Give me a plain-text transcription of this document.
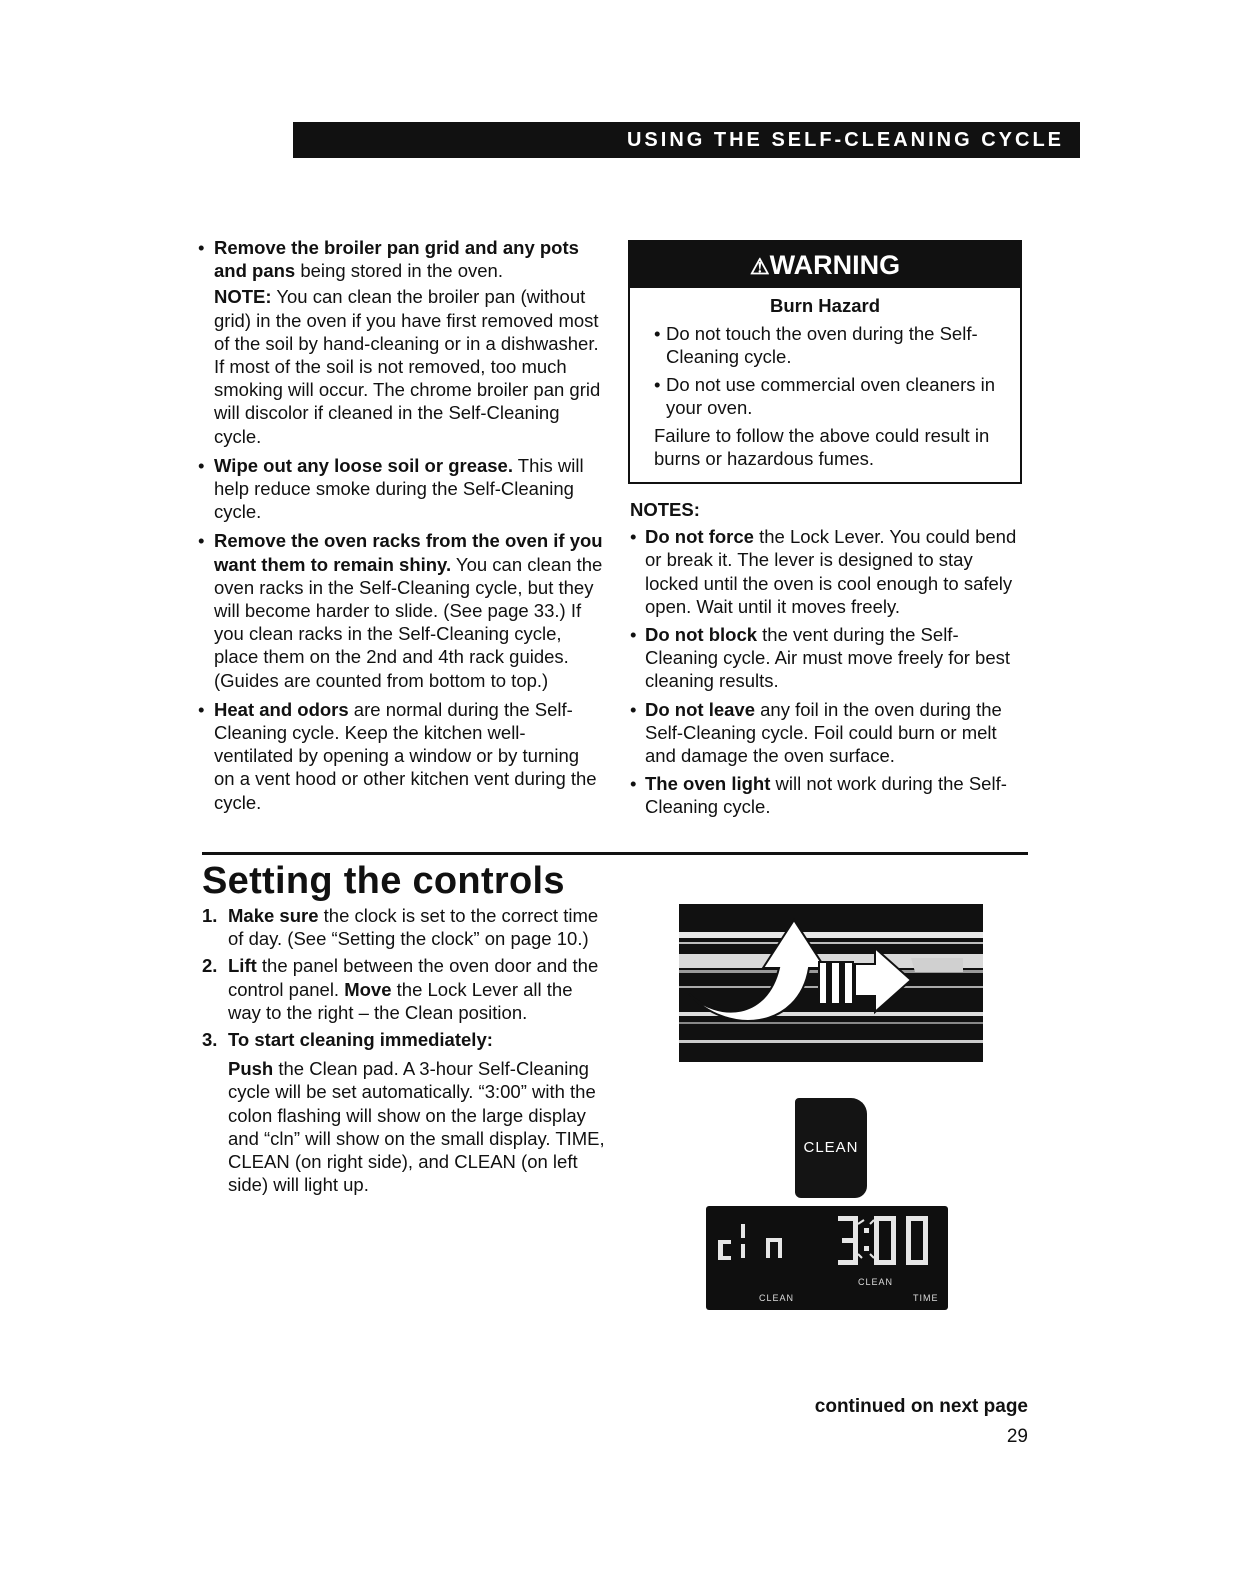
USING THE SELF-CLEANING CYCLE

• Remove the broiler pan grid and any pots and pans being stored in the oven.

NOTE: You can clean the broiler pan (without grid) in the oven if you have first removed most of the soil by hand-cleaning or in a dishwasher. If most of the soil is not removed, too much smoking will occur. The chrome broiler pan grid will discolor if cleaned in the Self-Cleaning cycle.

• Wipe out any loose soil or grease. This will help reduce smoke during the Self-Cleaning cycle.

• Remove the oven racks from the oven if you want them to remain shiny. You can clean the oven racks in the Self-Cleaning cycle, but they will become harder to slide. (See page 33.) If you clean racks in the Self-Cleaning cycle, place them on the 2nd and 4th rack guides. (Guides are counted from bottom to top.)

• Heat and odors are normal during the Self-Cleaning cycle. Keep the kitchen well-ventilated by opening a window or by turning on a vent hood or other kitchen vent during the cycle.

⚠WARNING
Burn Hazard
• Do not touch the oven during the Self-Cleaning cycle.
• Do not use commercial oven cleaners in your oven.
Failure to follow the above could result in burns or hazardous fumes.
NOTES:
• Do not force the Lock Lever. You could bend or break it. The lever is designed to stay locked until the oven is cool enough to safely open. Wait until it moves freely.
• Do not block the vent during the Self-Cleaning cycle. Air must move freely for best cleaning results.
• Do not leave any foil in the oven during the Self-Cleaning cycle. Foil could burn or melt and damage the oven surface.
• The oven light will not work during the Self-Cleaning cycle.
Setting the controls
1. Make sure the clock is set to the correct time of day. (See “Setting the clock” on page 10.)

2. Lift the panel between the oven door and the control panel. Move the Lock Lever all the way to the right – the Clean position.

3. To start cleaning immediately:

Push the Clean pad. A 3-hour Self-Cleaning cycle will be set automatically. “3:00” with the colon flashing will show on the large display and “cln” will show on the small display. TIME, CLEAN (on right side), and CLEAN (on left side) will light up.

CLEAN
CLEAN
CLEAN
TIME
continued on next page
29
